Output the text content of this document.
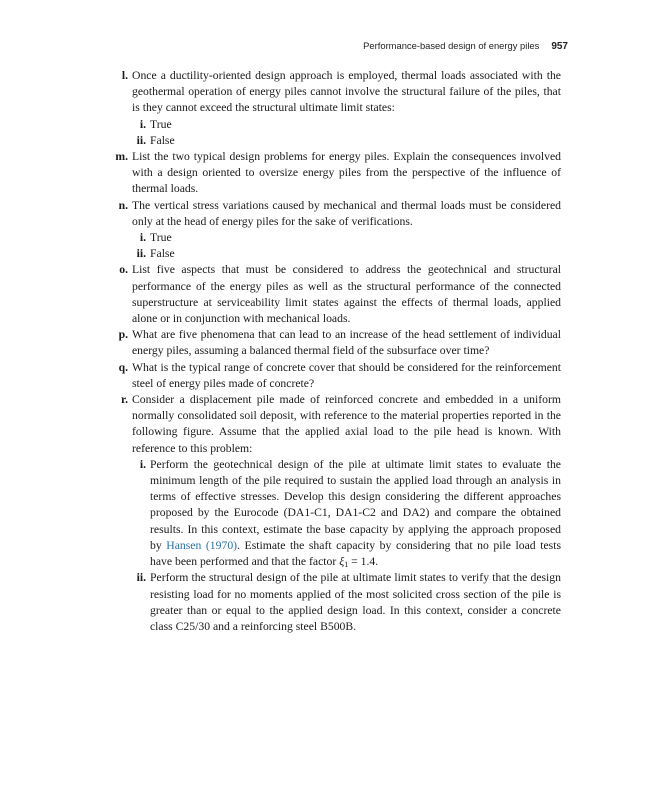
Performance-based design of energy piles 957
l. Once a ductility-oriented design approach is employed, thermal loads associated with the geothermal operation of energy piles cannot involve the structural failure of the piles, that is they cannot exceed the structural ultimate limit states:
i. True
ii. False
m. List the two typical design problems for energy piles. Explain the consequences involved with a design oriented to oversize energy piles from the perspective of the influence of thermal loads.
n. The vertical stress variations caused by mechanical and thermal loads must be considered only at the head of energy piles for the sake of verifications.
i. True
ii. False
o. List five aspects that must be considered to address the geotechnical and structural performance of the energy piles as well as the structural performance of the connected superstructure at serviceability limit states against the effects of thermal loads, applied alone or in conjunction with mechanical loads.
p. What are five phenomena that can lead to an increase of the head settlement of individual energy piles, assuming a balanced thermal field of the subsurface over time?
q. What is the typical range of concrete cover that should be considered for the reinforcement steel of energy piles made of concrete?
r. Consider a displacement pile made of reinforced concrete and embedded in a uniform normally consolidated soil deposit, with reference to the material properties reported in the following figure. Assume that the applied axial load to the pile head is known. With reference to this problem:
i. Perform the geotechnical design of the pile at ultimate limit states to evaluate the minimum length of the pile required to sustain the applied load through an analysis in terms of effective stresses. Develop this design considering the different approaches proposed by the Eurocode (DA1-C1, DA1-C2 and DA2) and compare the obtained results. In this context, estimate the base capacity by applying the approach proposed by Hansen (1970). Estimate the shaft capacity by considering that no pile load tests have been performed and that the factor $\xi_1 = 1.4$.
ii. Perform the structural design of the pile at ultimate limit states to verify that the design resisting load for no moments applied of the most solicited cross section of the pile is greater than or equal to the applied design load. In this context, consider a concrete class C25/30 and a reinforcing steel B500B.
